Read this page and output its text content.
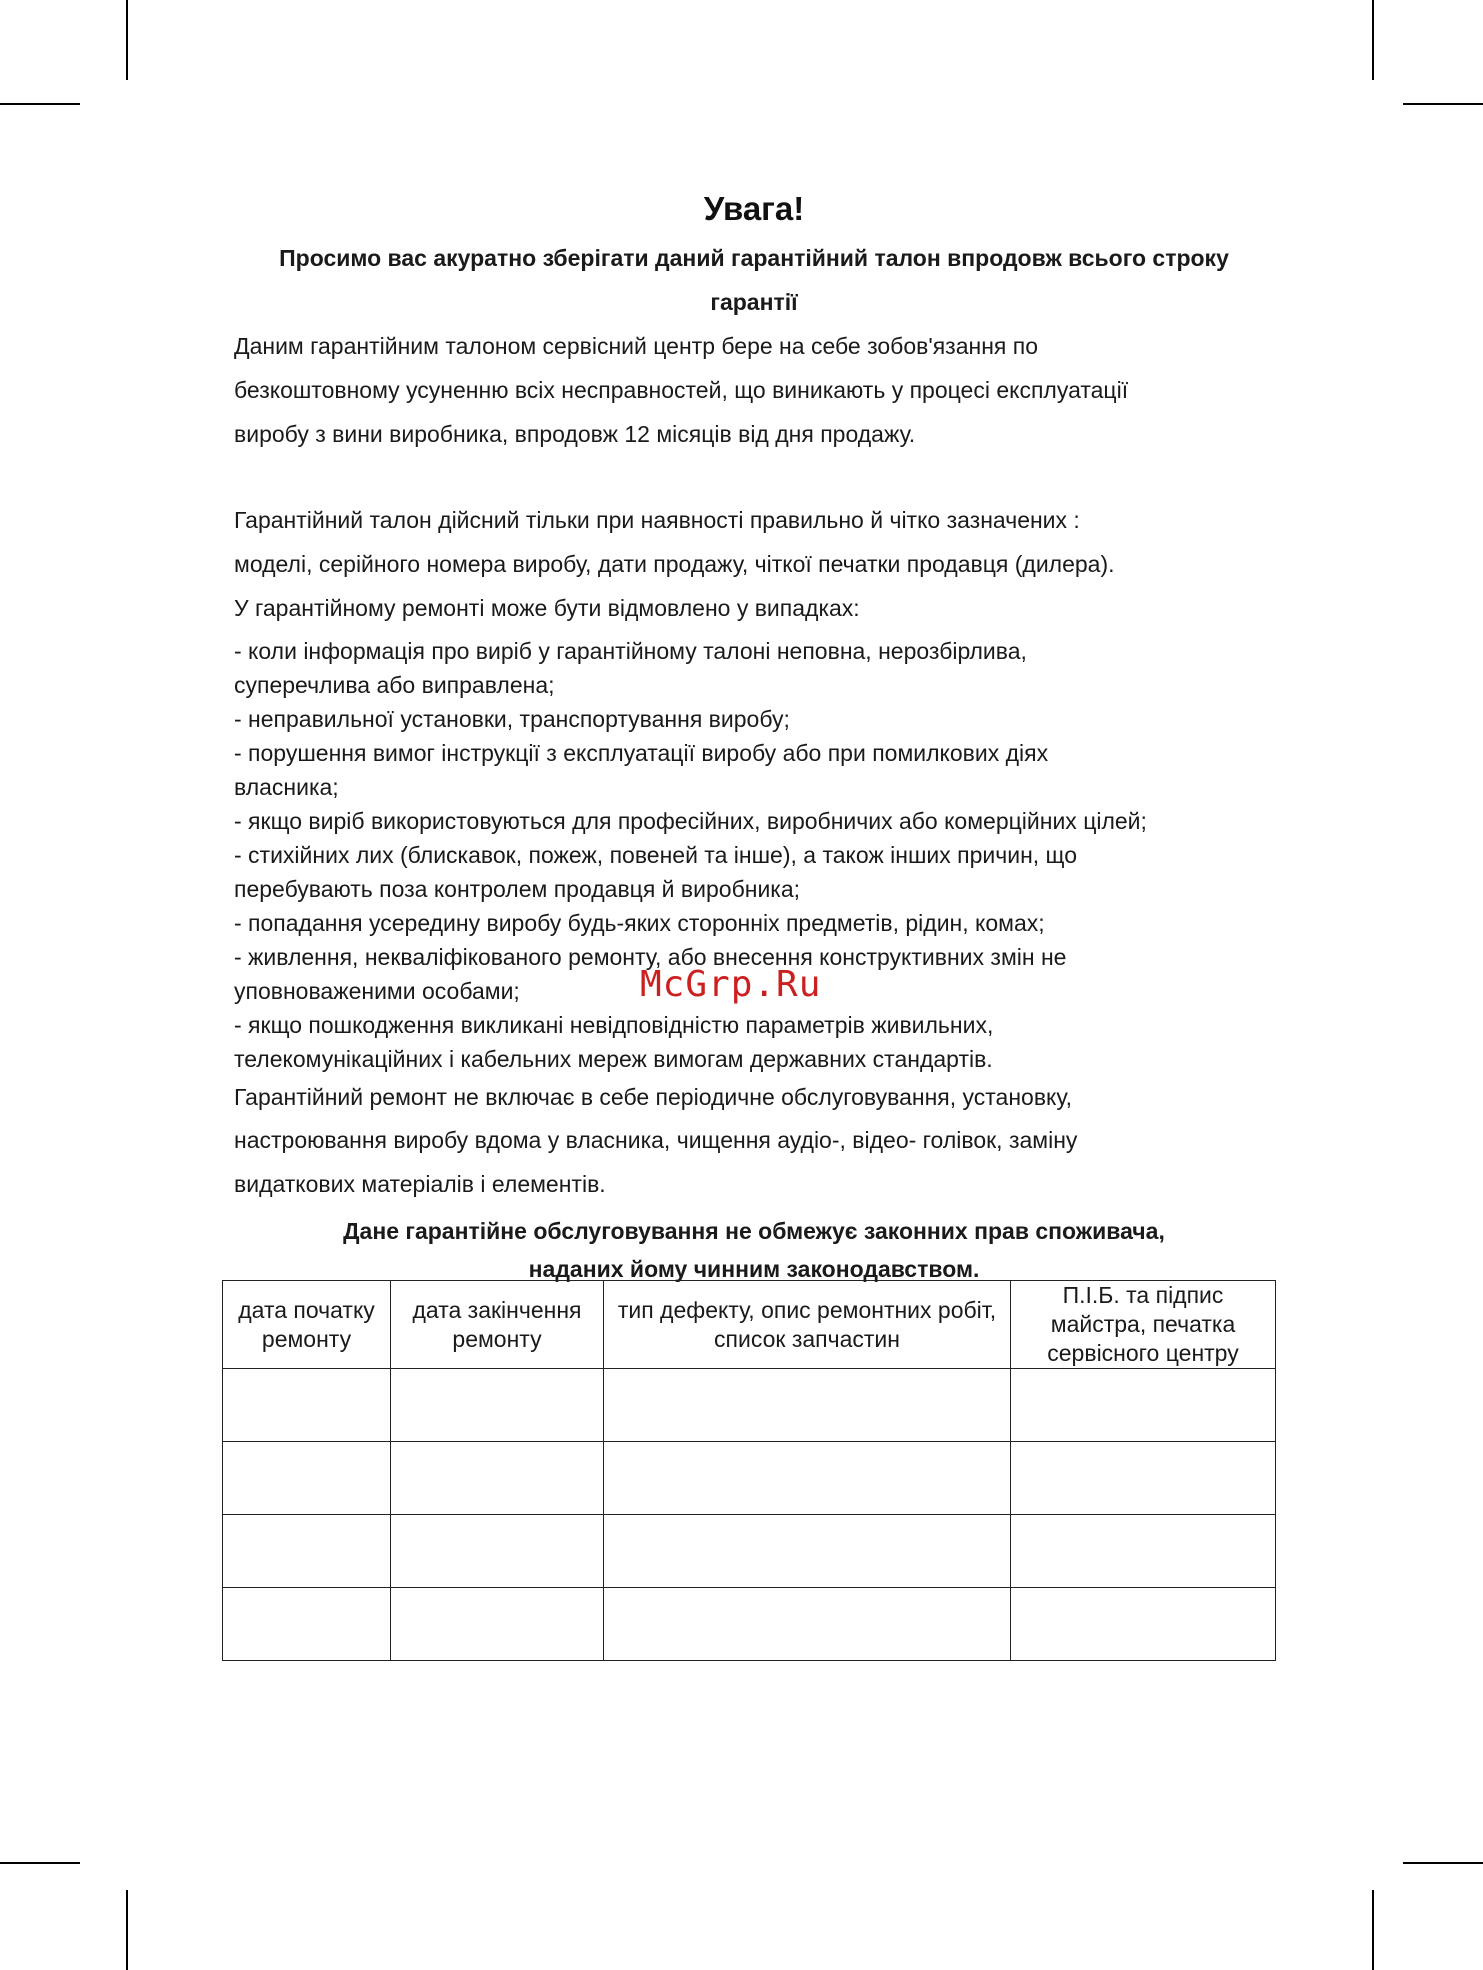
Увага!

Просимо вас акуратно зберігати даний гарантійний талон впродовж всього строку гарантії

Даним гарантійним талоном сервісний центр бере на себе зобов'язання по
безкоштовному усуненню всіх несправностей, що виникають у процесі експлуатації
виробу з вини виробника, впродовж 12 місяців від дня продажу.
Гарантійний талон дійсний тільки при наявності правильно й чітко зазначених :
моделі, серійного номера виробу, дати продажу, чіткої печатки продавця (дилера).
У гарантійному ремонті може бути відмовлено у випадках:
- коли інформація про виріб у гарантійному талоні неповна, нерозбірлива,
суперечлива або виправлена;
- неправильної установки, транспортування виробу;
- порушення вимог інструкції з експлуатації виробу або при помилкових діях
власника;
- якщо виріб використовуються для професійних, виробничих або комерційних цілей;
- стихійних лих (блискавок, пожеж, повеней та інше), а також інших причин, що
перебувають поза контролем продавця й виробника;
- попадання усередину виробу будь-яких сторонніх предметів, рідин, комах;
- живлення, некваліфікованого ремонту, або внесення конструктивних змін не
уповноваженими особами;
- якщо пошкодження викликані невідповідністю параметрів живильних,
телекомунікаційних і кабельних мереж вимогам державних стандартів.
Гарантійний ремонт не включає в себе періодичне обслуговування, установку,
настроювання виробу вдома у власника, чищення аудіо-, відео- голівок, заміну
видаткових матеріалів і елементів.
Дане гарантійне обслуговування не обмежує законних прав споживача,
наданих йому чинним законодавством.
McGrp.Ru
дата початку ремонту	дата закінчення ремонту	тип дефекту, опис ремонтних робіт, список запчастин	П.І.Б. та підпис майстра, печатка сервісного центру
